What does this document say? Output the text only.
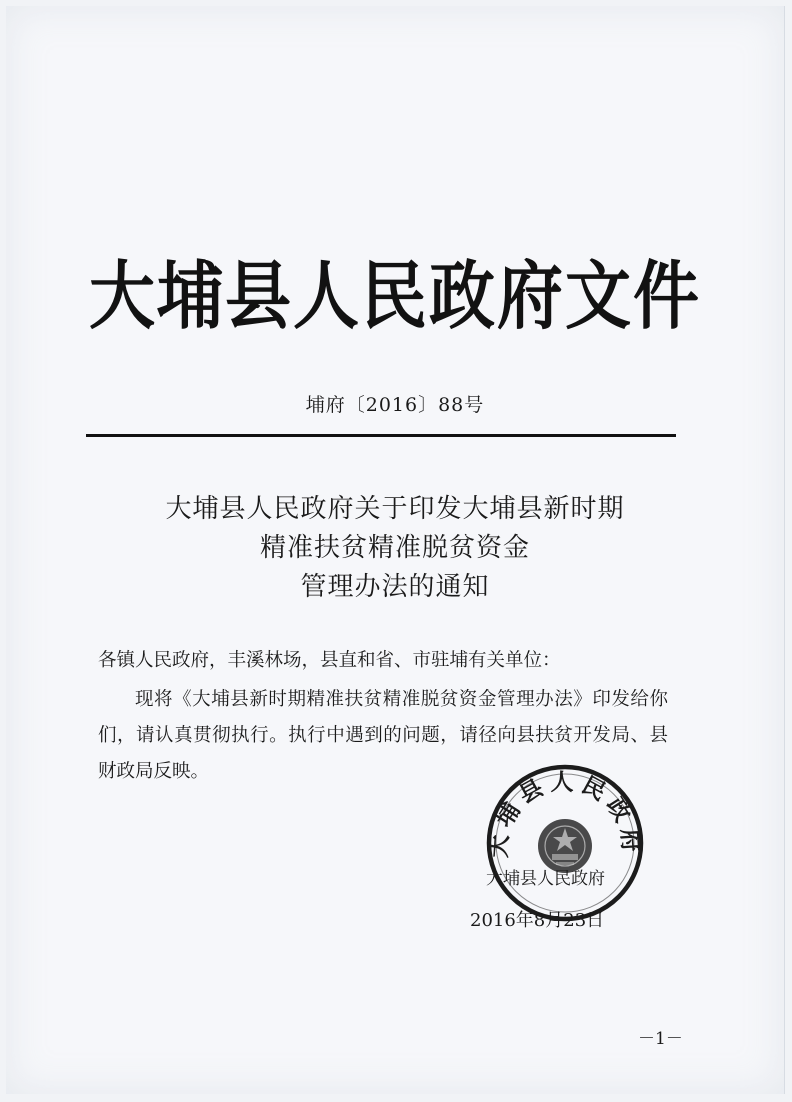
大埔县人民政府文件
埔府〔2016〕88号
大埔县人民政府关于印发大埔县新时期
精准扶贫精准脱贫资金
管理办法的通知
各镇人民政府，丰溪林场，县直和省、市驻埔有关单位：
现将《大埔县新时期精准扶贫精准脱贫资金管理办法》印发给你们，请认真贯彻执行。执行中遇到的问题，请径向县扶贫开发局、县财政局反映。
大埔县人民政府
大埔县人民政府
2016年8月23日
－1－
